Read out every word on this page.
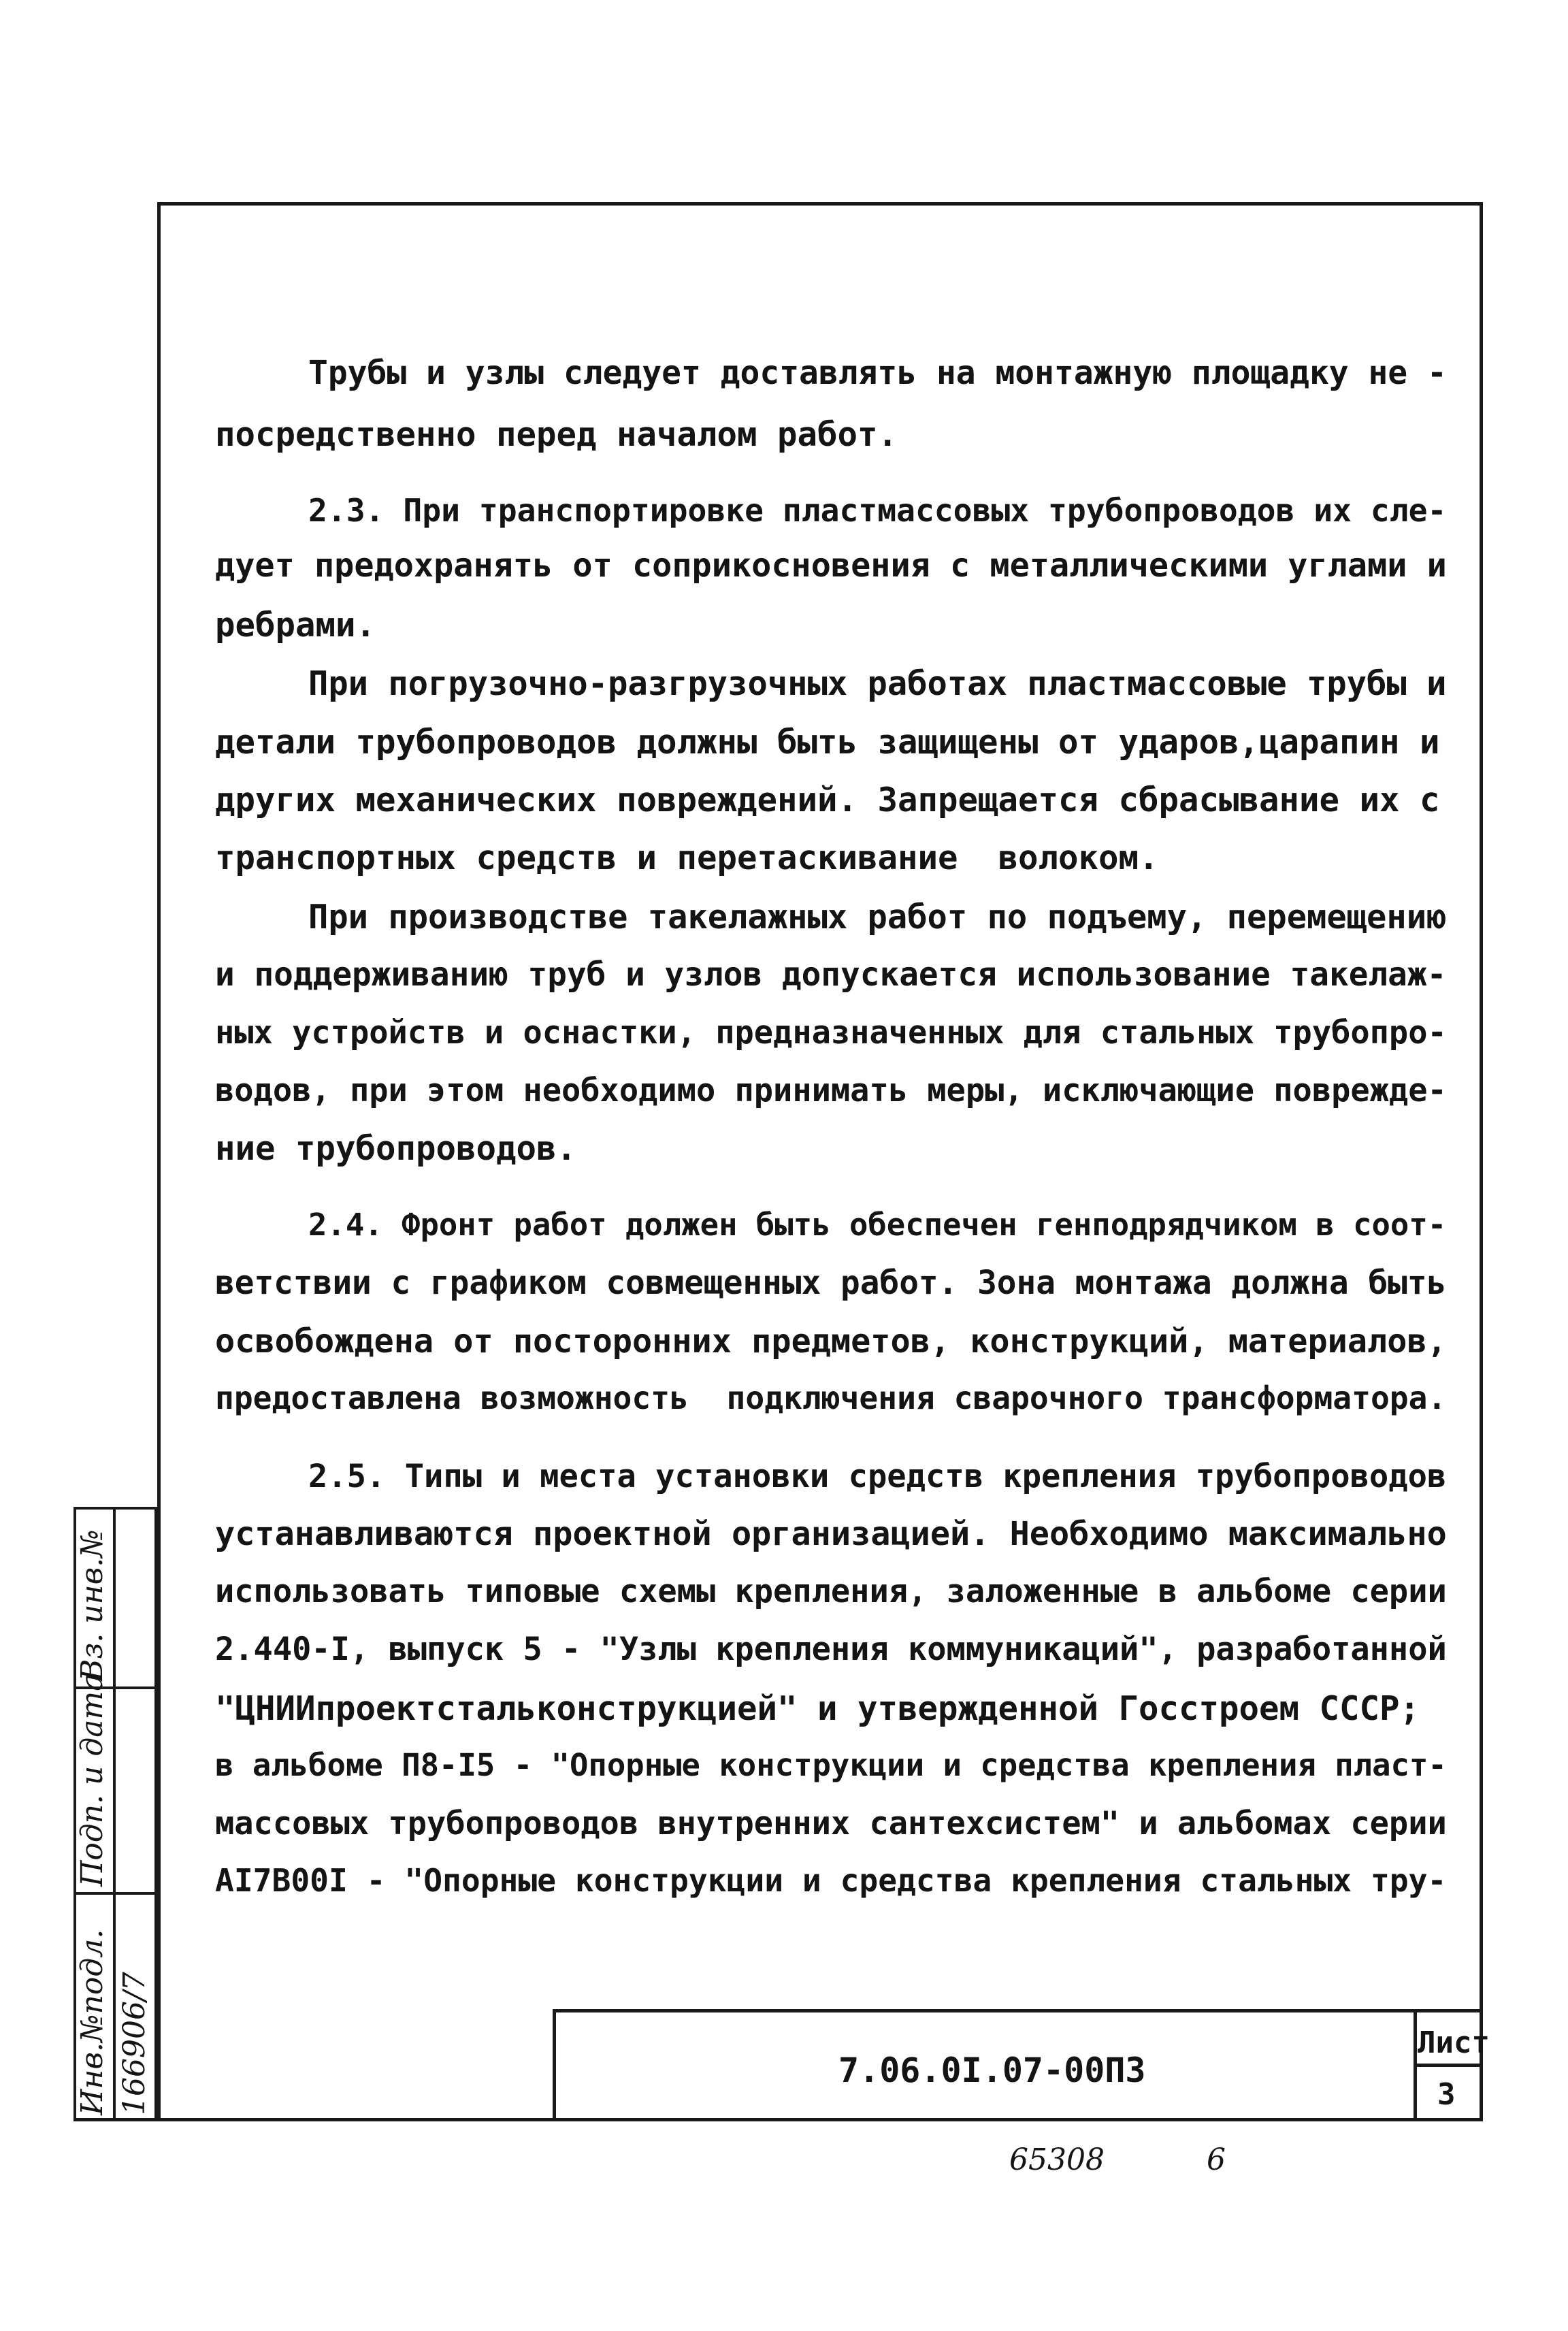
Трубы и узлы следует доставлять на монтажную площадку не -
посредственно перед началом работ.
2.3. При транспортировке пластмассовых трубопроводов их сле-
дует предохранять от соприкосновения с металлическими углами и
ребрами.
При погрузочно-разгрузочных работах пластмассовые трубы и
детали трубопроводов должны быть защищены от ударов,царапин и
других механических повреждений. Запрещается сбрасывание их с
транспортных средств и перетаскивание  волоком.
При производстве такелажных работ по подъему, перемещению
и поддерживанию труб и узлов допускается использование такелаж-
ных устройств и оснастки, предназначенных для стальных трубопро-
водов, при этом необходимо принимать меры, исключающие поврежде-
ние трубопроводов.
2.4. Фронт работ должен быть обеспечен генподрядчиком в соот-
ветствии с графиком совмещенных работ. Зона монтажа должна быть
освобождена от посторонних предметов, конструкций, материалов,
предоставлена возможность  подключения сварочного трансформатора.
2.5. Типы и места установки средств крепления трубопроводов
устанавливаются проектной организацией. Необходимо максимально
использовать типовые схемы крепления, заложенные в альбоме серии
2.440-I, выпуск 5 - "Узлы крепления коммуникаций", разработанной
"ЦНИИпроектстальконструкцией" и утвержденной Госстроем СССР;
в альбоме П8-I5 - "Опорные конструкции и средства крепления пласт-
массовых трубопроводов внутренних сантехсистем" и альбомах серии
AI7B00I - "Опорные конструкции и средства крепления стальных тру-
7.06.0I.07-00ПЗ
Лист
3
Инв.№подл. 166906/7
Подп. и дата
Вз. инв.№
65308	6
